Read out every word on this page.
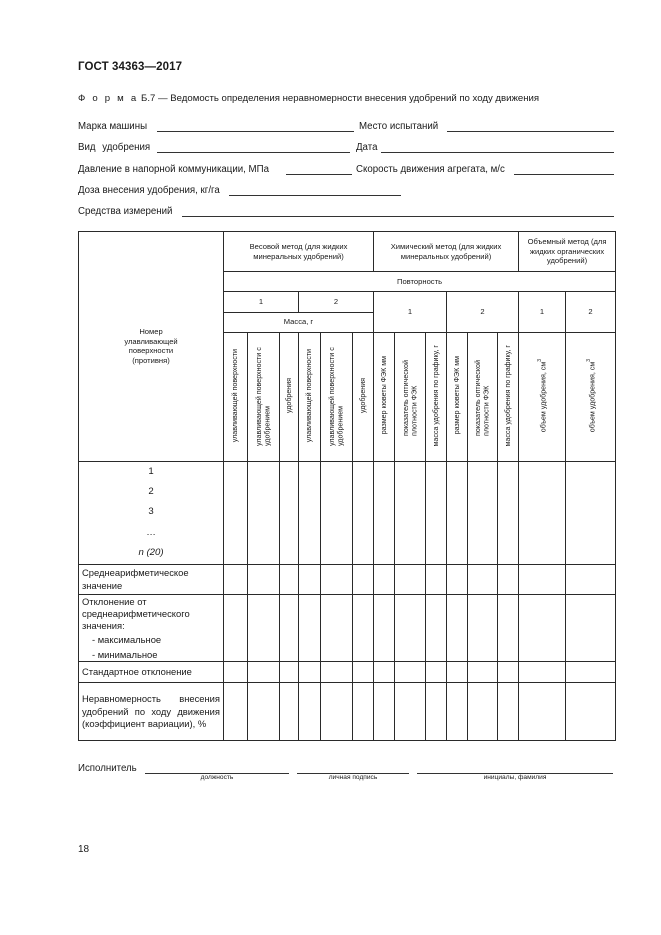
ГОСТ 34363—2017
Ф о р м а Б.7 — Ведомость определения неравномерности внесения удобрений по ходу движения
Марка машины	Место испытаний
Вид удобрения	Дата
Давление в напорной коммуникации, МПа	Скорость движения агрегата, м/с
Доза внесения удобрения, кг/га
Средства измерений
Номер улавливающей поверхности (противня)	Весовой метод (для жидких минеральных удобрений)						Химический метод (для жидких минеральных удобрений)						Объемный метод (для жидких органических удобрений)	

	Повторность													
	1			2			1			2			1	2
	Масса, г													
	улавливающей поверхности	улавливающей поверхности с удобрением	удобрения	улавливающей поверхности	улавливающей поверхности с удобрением	удобрения	размер кюветы ФЭК мм	показатель оптической плотности ФЭК	масса удобрения по графику, г	размер кюветы ФЭК мм	показатель оптической плотности ФЭК	масса удобрения по графику, г	объем удобрения, $см^3$	объем удобрения, $см^3$

1
2
3
…
n (20)														

Среднеарифметическое значение														

Отклонение от среднеарифметического значения:
- максимальное
- минимальное														

Стандартное отклонение														
Неравномерность внесения удобрений по ходу движения (коэффициент вариации), %														
Исполнитель
должность	личная подпись	инициалы, фамилия
18
